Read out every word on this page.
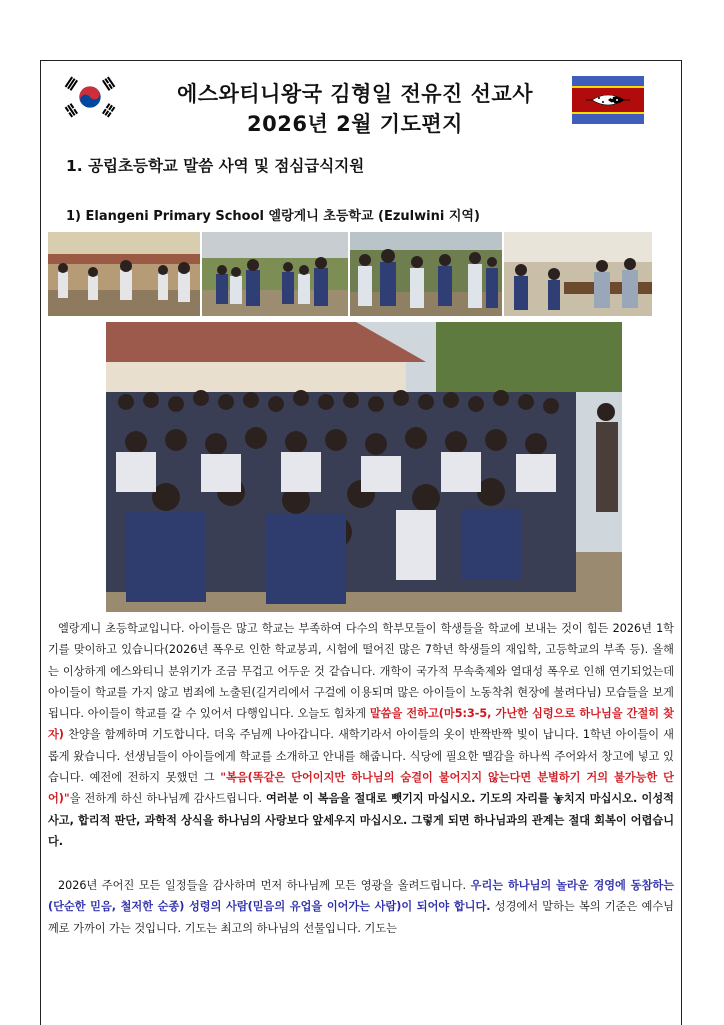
에스와티니왕국 김형일 전유진 선교사
2026년 2월 기도편지
1. 공립초등학교 말씀 사역 및 점심급식지원
1) Elangeni Primary School 엘랑게니 초등학교 (Ezulwini 지역)

엘랑게니 초등학교입니다. 아이들은 많고 학교는 부족하여 다수의 학부모들이 학생들을 학교에 보내는 것이 힘든 2026년 1학기를 맞이하고 있습니다(2026년 폭우로 인한 학교붕괴, 시험에 떨어진 많은 7학년 학생들의 재입학, 고등학교의 부족 등). 올해는 이상하게 에스와티니 분위기가 조금 무겁고 어두운 것 같습니다. 개학이 국가적 무속축제와 열대성 폭우로 인해 연기되었는데 아이들이 학교를 가지 않고 범죄에 노출된(길거리에서 구걸에 이용되며 많은 아이들이 노동착취 현장에 불려다님) 모습들을 보게됩니다. 아이들이 학교를 갈 수 있어서 다행입니다. 오늘도 힘차게 말씀을 전하고(마5:3-5, 가난한 심령으로 하나님을 간절히 찾자) 찬양을 함께하며 기도합니다. 더욱 주님께 나아갑니다. 새학기라서 아이들의 옷이 반짝반짝 빛이 납니다. 1학년 아이들이 새롭게 왔습니다. 선생님들이 아이들에게 학교를 소개하고 안내를 해줍니다. 식당에 필요한 땔감을 하나씩 주어와서 창고에 넣고 있습니다. 예전에 전하지 못했던 그 "복음(똑같은 단어이지만 하나님의 숨결이 불어지지 않는다면 분별하기 거의 불가능한 단어)"을 전하게 하신 하나님께 감사드립니다. 여러분 이 복음을 절대로 뺏기지 마십시오. 기도의 자리를 놓치지 마십시오. 이성적 사고, 합리적 판단, 과학적 상식을 하나님의 사랑보다 앞세우지 마십시오. 그렇게 되면 하나님과의 관계는 절대 회복이 어렵습니다.

2026년 주어진 모든 일정들을 감사하며 먼저 하나님께 모든 영광을 올려드립니다. 우리는 하나님의 놀라운 경영에 동참하는(단순한 믿음, 철저한 순종) 성령의 사람(믿음의 유업을 이어가는 사람)이 되어야 합니다. 성경에서 말하는 복의 기준은 예수님께로 가까이 가는 것입니다. 기도는 최고의 하나님의 선물입니다. 기도는
